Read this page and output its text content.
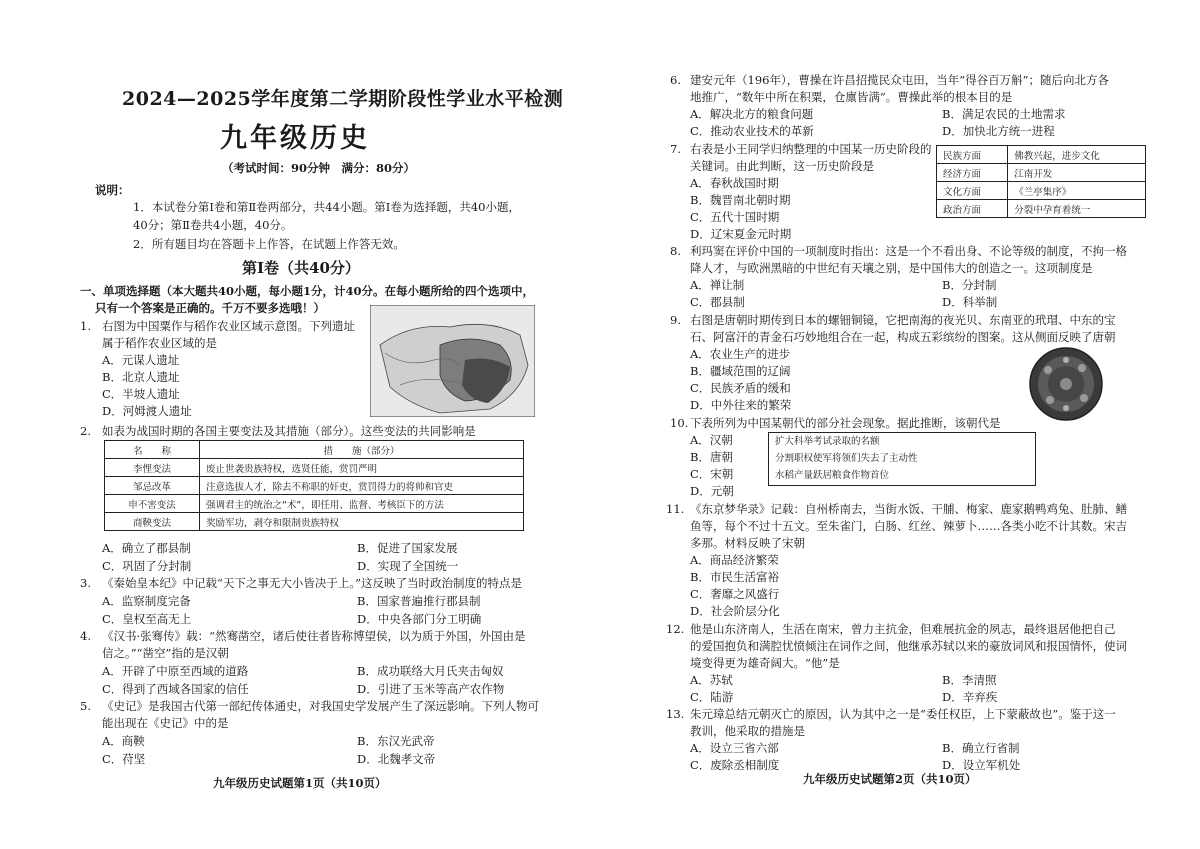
2024—2025学年度第二学期阶段性学业水平检测
九年级历史
（考试时间：90分钟　满分：80分）
说明：
1．本试卷分第Ⅰ卷和第Ⅱ卷两部分，共44小题。第Ⅰ卷为选择题，共40小题，
40分；第Ⅱ卷共4小题，40分。
2．所有题目均在答题卡上作答，在试题上作答无效。
第Ⅰ卷（共40分）
一、单项选择题（本大题共40小题，每小题1分，计40分。在每小题所给的四个选项中，
只有一个答案是正确的。千万不要多选哦！）
1. 右图为中国粟作与稻作农业区域示意图。下列遗址
属于稻作农业区域的是
A．元谋人遗址
B．北京人遗址
C．半坡人遗址
D．河姆渡人遗址
2. 如表为战国时期的各国主要变法及其措施（部分）。这些变法的共同影响是
名　　称	措　　施（部分）
李悝变法	废止世袭贵族特权，选贤任能，赏罚严明
邹忌改革	注意选拔人才，除去不称职的奸吏，赏罚得力的将帅和官吏
申不害变法	强调君主的统治之“术”，即任用、监督、考核臣下的方法
商鞅变法	奖励军功，剥夺和限制贵族特权
A．确立了郡县制	B．促进了国家发展
C．巩固了分封制	D．实现了全国统一
3. 《秦始皇本纪》中记载“天下之事无大小皆决于上。”这反映了当时政治制度的特点是
A．监察制度完备	B．国家普遍推行郡县制
C．皇权至高无上	D．中央各部门分工明确
4. 《汉书·张骞传》载：“然骞凿空，诸后使往者皆称博望侯，以为质于外国，外国由是
信之。”“凿空”指的是汉朝
A．开辟了中原至西域的道路	B．成功联络大月氏夹击匈奴
C．得到了西域各国家的信任	D．引进了玉米等高产农作物
5. 《史记》是我国古代第一部纪传体通史，对我国史学发展产生了深远影响。下列人物可
能出现在《史记》中的是
A．商鞅	B．东汉光武帝
C．苻坚	D．北魏孝文帝
九年级历史试题第1页（共10页）
6. 建安元年（196年），曹操在许昌招揽民众屯田，当年“得谷百万斛”；随后向北方各
地推广，“数年中所在积粟，仓廪皆满”。曹操此举的根本目的是
A．解决北方的粮食问题	B．满足农民的土地需求
C．推动农业技术的革新	D．加快北方统一进程
7. 右表是小王同学归纳整理的中国某一历史阶段的
关键词。由此判断，这一历史阶段是
民族方面	佛教兴起，进步文化
经济方面	江南开发
文化方面	《兰亭集序》
政治方面	分裂中孕育着统一
A．春秋战国时期
B．魏晋南北朝时期
C．五代十国时期
D．辽宋夏金元时期
8. 利玛窦在评价中国的一项制度时指出：这是一个不看出身、不论等级的制度，不拘一格
降人才，与欧洲黑暗的中世纪有天壤之别，是中国伟大的创造之一。这项制度是
A．禅让制	B．分封制
C．郡县制	D．科举制
9. 右图是唐朝时期传到日本的螺钿铜镜，它把南海的夜光贝、东南亚的玳瑁、中东的宝
石、阿富汗的青金石巧妙地组合在一起，构成五彩缤纷的图案。这从侧面反映了唐朝
A．农业生产的进步
B．疆域范围的辽阔
C．民族矛盾的缓和
D．中外往来的繁荣
10. 下表所列为中国某朝代的部分社会现象。据此推断，该朝代是
扩大科举考试录取的名额
分割职权使军将领们失去了主动性
水稻产量跃居粮食作物首位
A．汉朝
B．唐朝
C．宋朝
D．元朝
11. 《东京梦华录》记载：自州桥南去，当街水饭、干脯、梅家、鹿家鹅鸭鸡兔、肚肺、鳝
鱼等，每个不过十五文。至朱雀门，白肠、红丝、辣萝卜……各类小吃不计其数。宋吉
多那。材料反映了宋朝
A．商品经济繁荣
B．市民生活富裕
C．奢靡之风盛行
D．社会阶层分化
12. 他是山东济南人，生活在南宋，曾力主抗金，但难展抗金的夙志，最终退居他把自己
的爱国抱负和满腔忧愤倾注在词作之间，他继承苏轼以来的豪放词风和报国情怀，使词
境变得更为雄奇阔大。“他”是
A．苏轼	B．李清照
C．陆游	D．辛弃疾
13. 朱元璋总结元朝灭亡的原因，认为其中之一是“委任权臣，上下蒙蔽故也”。鉴于这一
教训，他采取的措施是
A．设立三省六部	B．确立行省制
C．废除丞相制度	D．设立军机处
九年级历史试题第2页（共10页）
